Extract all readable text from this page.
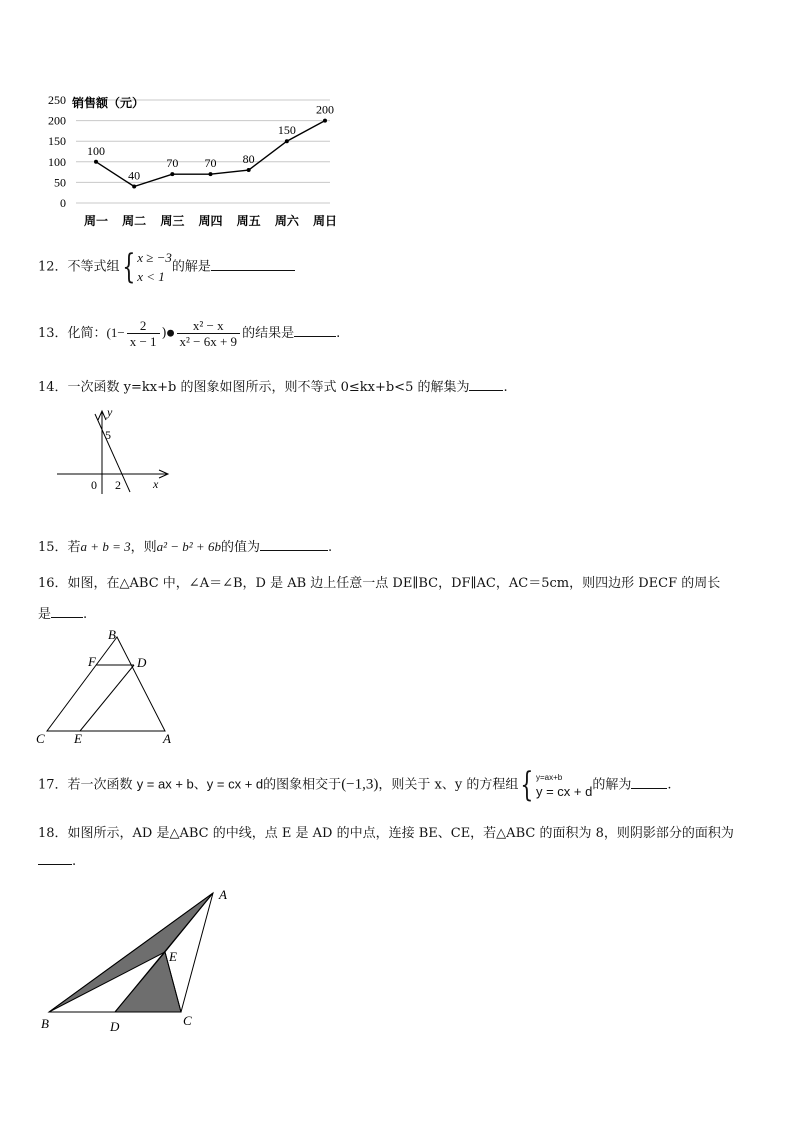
0
50
100
150
200
250
周一 周二 周三 周四 周五 周六 周日
100
40
70 70 80
150
200
销售额（元）
12．不等式组{ x ≥ −3
x < 1
的解是
13．化简：($1- \frac{2}{x - 1}$ )● $\frac{\text{x² − x}}{\text{x² − 6x + 9}}$ 的结果是	.
14．一次函数 y=kx+b 的图象如图所示，则不等式 0≤kx+b<5 的解集为	.
y
5
0 2	x
15．若a + b = 3，则a² − b² + 6b的值为	.
16．如图，在△ABC 中，∠A＝∠B，D 是 AB 边上任意一点 DE∥BC，DF∥AC，AC＝5cm，则四边形 DECF 的周长
是 .
B
F	D
C E	A
17．若一次函数 y = ax + b、y = cx + d的图象相交于(−1,3)，则关于 x、y 的方程组{ y=ax+b
y = cx + d 的解为	.
18．如图所示，AD 是△ABC 的中线，点 E 是 AD 的中点，连接 BE、CE，若△ABC 的面积为 8，则阴影部分的面积为
.
A
E
B	D	C
